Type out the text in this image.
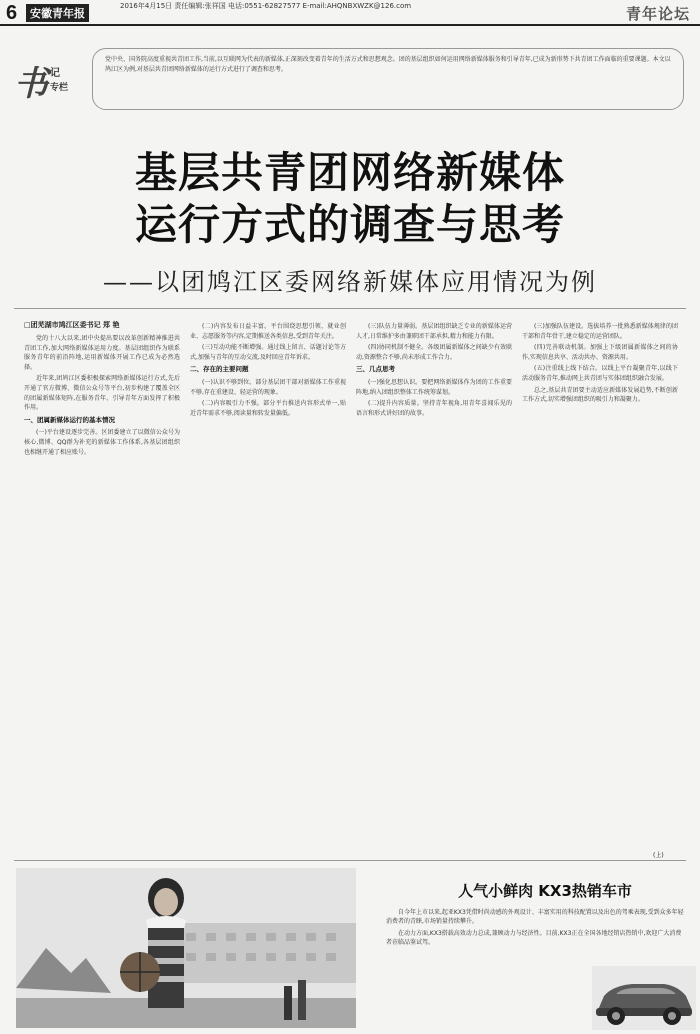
6	安徽青年报
2016年4月15日 责任编辑:张祥国 电话:0551-62827577 E-mail:AHQNBXWZK@126.com	青年论坛
书 记
专栏
党中央、国务院高度重视共青团工作,当前,以互联网为代表的新媒体,正深刻改变着青年的生活方式和思想观念。团的基层组织如何运用网络新媒体服务和引导青年,已成为新形势下共青团工作面临的重要课题。本文以鸠江区为例,对基层共青团网络新媒体的运行方式进行了调查和思考。
基层共青团网络新媒体
运行方式的调查与思考
——以团鸠江区委网络新媒体应用情况为例
□团芜湖市鸠江区委书记 郑 艳

党的十八大以来,团中央提出要以改革创新精神推进共青团工作,加大网络新媒体运用力度。基层团组织作为联系服务青年的前沿阵地,运用新媒体开展工作已成为必然选择。

近年来,团鸠江区委积极探索网络新媒体运行方式,先后开通了官方微博、微信公众号等平台,初步构建了覆盖全区的团属新媒体矩阵,在服务青年、引导青年方面发挥了积极作用。

一、团属新媒体运行的基本情况

(一)平台建设逐步完善。区团委建立了以微信公众号为核心,微博、QQ群为补充的新媒体工作体系,各基层团组织也相继开通了相应账号。

(二)内容发布日益丰富。平台围绕思想引领、就业创业、志愿服务等内容,定期推送各类信息,受到青年关注。

(三)互动功能不断增强。通过线上留言、话题讨论等方式,加强与青年的互动交流,及时回应青年诉求。

二、存在的主要问题

(一)认识不够到位。部分基层团干部对新媒体工作重视不够,存在重建设、轻运营的现象。

(二)内容吸引力不强。部分平台推送内容形式单一,贴近青年需求不够,阅读量和转发量偏低。

(三)队伍力量薄弱。基层团组织缺乏专业的新媒体运营人才,日常维护多由兼职团干部承担,精力和能力有限。

(四)协同机制不健全。各级团属新媒体之间缺少有效联动,资源整合不够,尚未形成工作合力。

三、几点思考

(一)强化思想认识。要把网络新媒体作为团的工作重要阵地,纳入团组织整体工作统筹谋划。

(二)提升内容质量。坚持青年视角,用青年喜闻乐见的语言和形式讲好团的故事。

(三)加强队伍建设。选拔培养一批熟悉新媒体规律的团干部和青年骨干,建立稳定的运营团队。

(四)完善联动机制。加强上下级团属新媒体之间的协作,实现信息共享、活动共办、资源共用。

(五)注重线上线下结合。以线上平台凝聚青年,以线下活动服务青年,推动网上共青团与实体团组织融合发展。

总之,基层共青团要主动适应新媒体发展趋势,不断创新工作方式,切实增强团组织的吸引力和凝聚力。

(上)
人气小鲜肉 KX3热销车市

自今年上市以来,起亚KX3凭借时尚动感的外观设计、丰富实用的科技配置以及出色的驾乘表现,受到众多年轻消费者的青睐,市场销量持续攀升。

在动力方面,KX3搭载高效动力总成,兼顾动力与经济性。目前,KX3正在全国各地经销店热销中,欢迎广大消费者莅临品鉴试驾。
